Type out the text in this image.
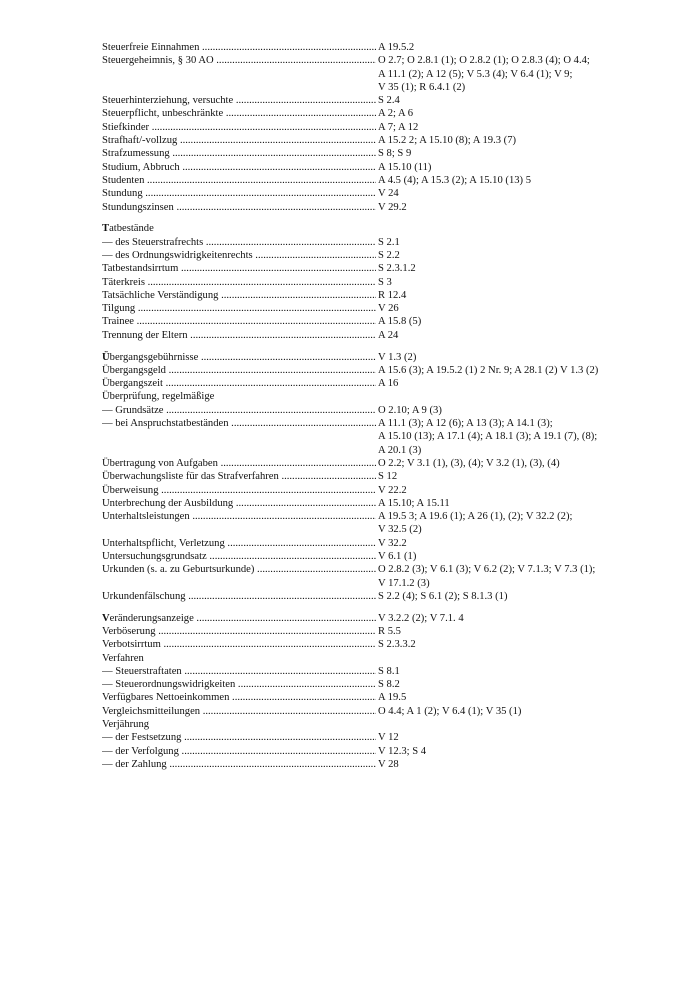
Steuerfreie Einnahmen .....	A 19.5.2
Steuergeheimnis, § 30 AO .....	O 2.7; O 2.8.1 (1); O 2.8.2 (1); O 2.8.3 (4); O 4.4;
A 11.1 (2); A 12 (5); V 5.3 (4); V 6.4 (1); V 9;
V 35 (1); R 6.4.1 (2)
Steuerhinterziehung, versuchte .....	S 2.4
Steuerpflicht, unbeschränkte .....	A 2; A 6
Stiefkinder .....	A 7; A 12
Strafhaft/-vollzug .....	A 15.2 2; A 15.10 (8); A 19.3 (7)
Strafzumessung .....	S 8; S 9
Studium, Abbruch .....	A 15.10 (11)
Studenten .....	A 4.5 (4); A 15.3 (2); A 15.10 (13) 5
Stundung .....	V 24
Stundungszinsen .....	V 29.2
Tatbestände
— des Steuerstrafrechts .....	S 2.1
— des Ordnungswidrigkeitenrechts .....	S 2.2
Tatbestandsirrtum .....	S 2.3.1.2
Täterkreis .....	S 3
Tatsächliche Verständigung .....	R 12.4
Tilgung .....	V 26
Trainee .....	A 15.8 (5)
Trennung der Eltern .....	A 24
Übergangsgebührnisse .....	V 1.3 (2)
Übergangsgeld .....	A 15.6 (3); A 19.5.2 (1) 2 Nr. 9; A 28.1 (2) V 1.3 (2)
Übergangszeit .....	A 16
Überprüfung, regelmäßige
— Grundsätze .....	O 2.10; A 9 (3)
— bei Anspruchstatbeständen .....	A 11.1 (3); A 12 (6); A 13 (3); A 14.1 (3);
A 15.10 (13); A 17.1 (4); A 18.1 (3); A 19.1 (7), (8);
A 20.1 (3)
Übertragung von Aufgaben .....	O 2.2; V 3.1 (1), (3), (4); V 3.2 (1), (3), (4)
Überwachungsliste für das Strafverfahren .....	S 12
Überweisung .....	V 22.2
Unterbrechung der Ausbildung .....	A 15.10; A 15.11
Unterhaltsleistungen .....	A 19.5 3; A 19.6 (1); A 26 (1), (2); V 32.2 (2);
V 32.5 (2)
Unterhaltspflicht, Verletzung .....	V 32.2
Untersuchungsgrundsatz .....	V 6.1 (1)
Urkunden (s. a. zu Geburtsurkunde) .....	O 2.8.2 (3); V 6.1 (3); V 6.2 (2); V 7.1.3; V 7.3 (1);
V 17.1.2 (3)
Urkundenfälschung .....	S 2.2 (4); S 6.1 (2); S 8.1.3 (1)
Veränderungsanzeige .....	V 3.2.2 (2); V 7.1. 4
Verböserung .....	R 5.5
Verbotsirrtum .....	S 2.3.3.2
Verfahren
— Steuerstraftaten .....	S 8.1
— Steuerordnungswidrigkeiten .....	S 8.2
Verfügbares Nettoeinkommen .....	A 19.5
Vergleichsmitteilungen .....	O 4.4; A 1 (2); V 6.4 (1); V 35 (1)
Verjährung
— der Festsetzung .....	V 12
— der Verfolgung .....	V 12.3; S 4
— der Zahlung .....	V 28
